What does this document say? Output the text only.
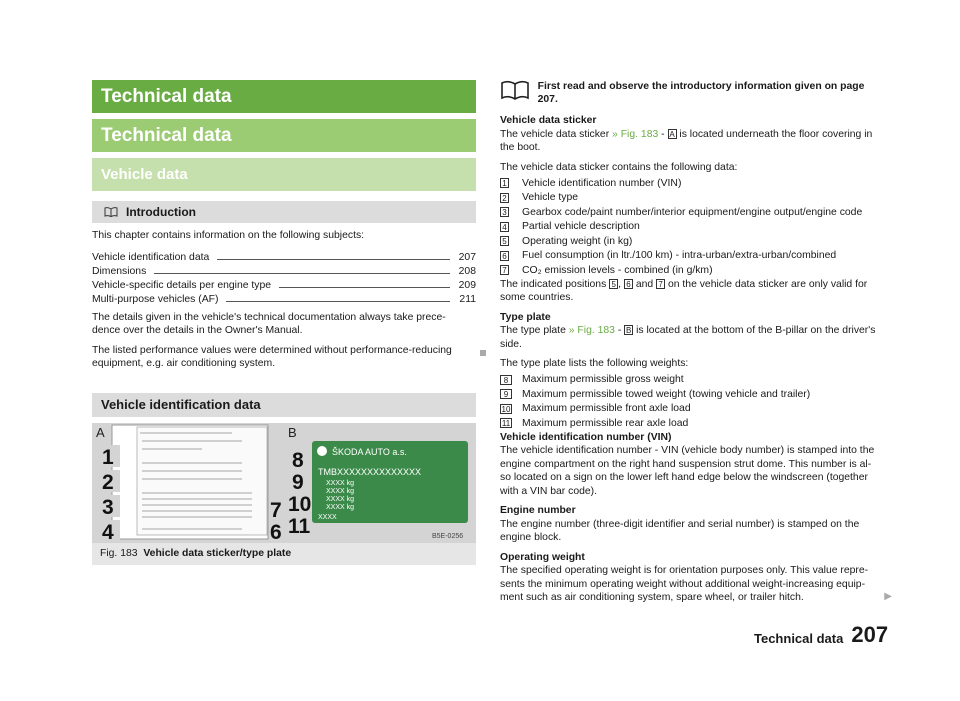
Technical data
Technical data
Vehicle data
Introduction

This chapter contains information on the following subjects:

Vehicle identification data	207
Dimensions	208
Vehicle-specific details per engine type	209
Multi-purpose vehicles (AF)	211
The details given in the vehicle's technical documentation always take prece-
dence over the details in the Owner's Manual.
The listed performance values were determined without performance-reducing
equipment, e.g. air conditioning system.
Vehicle identification data
A
1
2
3
4
7
6
B
ŠKODA AUTO a.s.
TMBXXXXXXXXXXXXXX
XXXX kg
XXXX kg
XXXX kg
XXXX kg
XXXX
8
9
10
11	B5E-0256
Fig. 183 Vehicle data sticker/type plate
First read and observe the introductory information given on page 207.
Vehicle data sticker
The vehicle data sticker » Fig. 183 - A is located underneath the floor covering in
the boot.

The vehicle data sticker contains the following data:

1	Vehicle identification number (VIN)
2	Vehicle type
3	Gearbox code/paint number/interior equipment/engine output/engine code
4	Partial vehicle description
5	Operating weight (in kg)
6	Fuel consumption (in ltr./100 km) - intra-urban/extra-urban/combined
7	CO₂ emission levels - combined (in g/km)
The indicated positions 5 , 6 and 7 on the vehicle data sticker are only valid for
some countries.
Type plate
The type plate » Fig. 183 - B is located at the bottom of the B-pillar on the driver's
side.

The type plate lists the following weights:

8	Maximum permissible gross weight
9	Maximum permissible towed weight (towing vehicle and trailer)
10	Maximum permissible front axle load
11	Maximum permissible rear axle load
Vehicle identification number (VIN)
The vehicle identification number - VIN (vehicle body number) is stamped into the
engine compartment on the right hand suspension strut dome. This number is al-
so located on a sign on the lower left hand edge below the windscreen (together
with a VIN bar code).
Engine number
The engine number (three-digit identifier and serial number) is stamped on the
engine block.
Operating weight
The specified operating weight is for orientation purposes only. This value repre-
sents the minimum operating weight without additional weight-increasing equip-
ment such as air conditioning system, spare wheel, or trailer hitch.	▶
Technical data 207
